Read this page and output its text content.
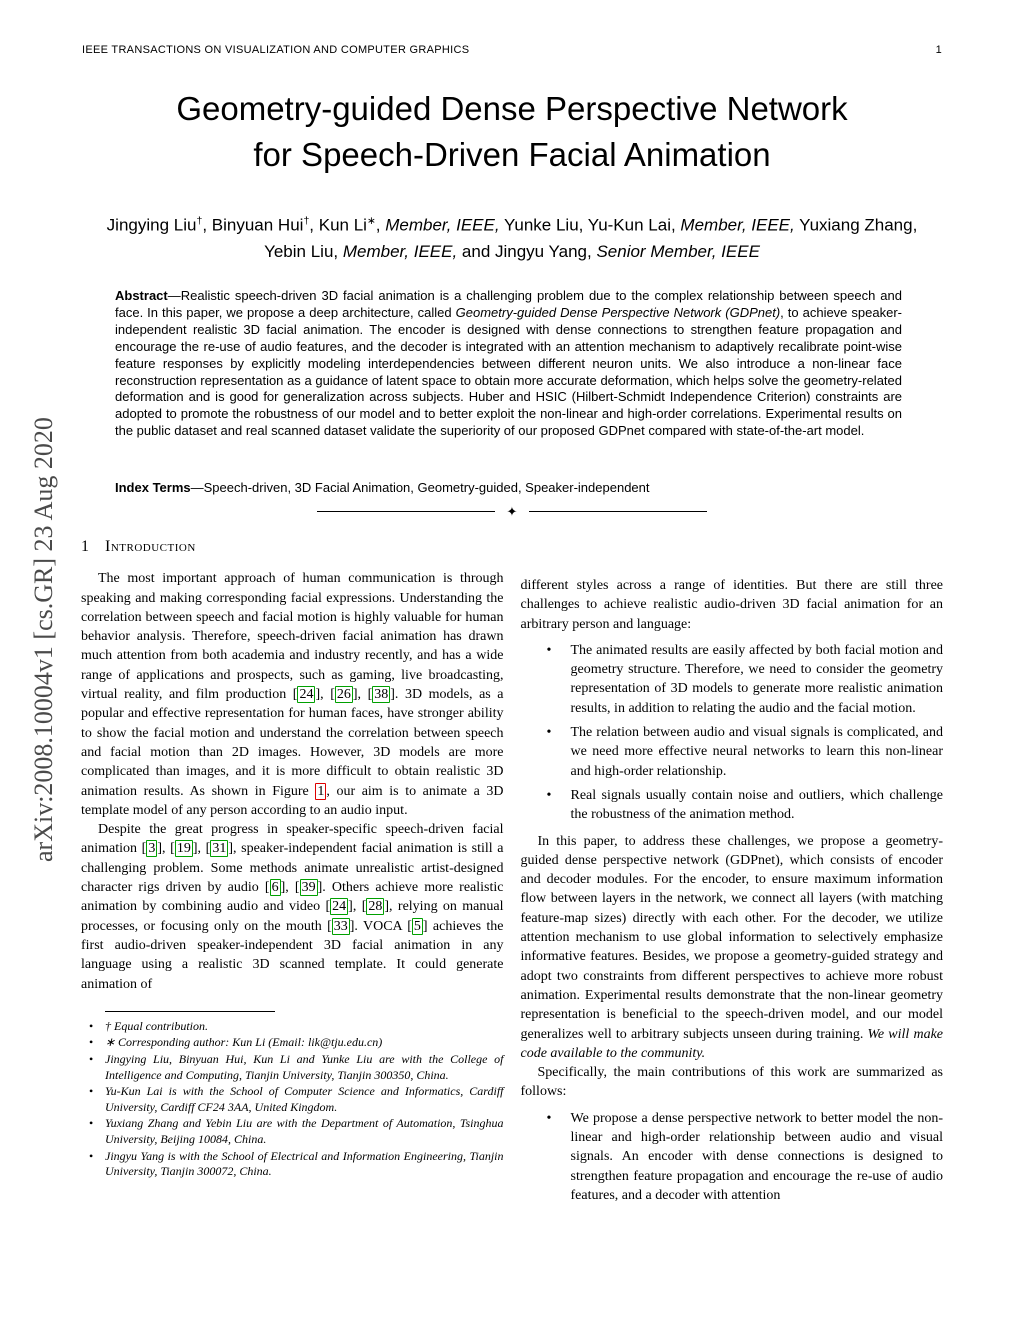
IEEE TRANSACTIONS ON VISUALIZATION AND COMPUTER GRAPHICS	1
Geometry-guided Dense Perspective Network
for Speech-Driven Facial Animation
Jingying Liu†, Binyuan Hui†, Kun Li∗, Member, IEEE, Yunke Liu, Yu-Kun Lai, Member, IEEE, Yuxiang Zhang, Yebin Liu, Member, IEEE, and Jingyu Yang, Senior Member, IEEE
Abstract—Realistic speech-driven 3D facial animation is a challenging problem due to the complex relationship between speech and face. In this paper, we propose a deep architecture, called Geometry-guided Dense Perspective Network (GDPnet), to achieve speaker-independent realistic 3D facial animation. The encoder is designed with dense connections to strengthen feature propagation and encourage the re-use of audio features, and the decoder is integrated with an attention mechanism to adaptively recalibrate point-wise feature responses by explicitly modeling interdependencies between different neuron units. We also introduce a non-linear face reconstruction representation as a guidance of latent space to obtain more accurate deformation, which helps solve the geometry-related deformation and is good for generalization across subjects. Huber and HSIC (Hilbert-Schmidt Independence Criterion) constraints are adopted to promote the robustness of our model and to better exploit the non-linear and high-order correlations. Experimental results on the public dataset and real scanned dataset validate the superiority of our proposed GDPnet compared with state-of-the-art model.
Index Terms—Speech-driven, 3D Facial Animation, Geometry-guided, Speaker-independent
✦
1 Introduction

The most important approach of human communication is through speaking and making corresponding facial expressions. Understanding the correlation between speech and facial motion is highly valuable for human behavior analysis. Therefore, speech-driven facial animation has drawn much attention from both academia and industry recently, and has a wide range of applications and prospects, such as gaming, live broadcasting, virtual reality, and film production [ 24 ], [ 26 ], [ 38 ]. 3D models, as a popular and effective representation for human faces, have stronger ability to show the facial motion and understand the correlation between speech and facial motion than 2D images. However, 3D models are more complicated than images, and it is more difficult to obtain realistic 3D animation results. As shown in Figure 1 , our aim is to animate a 3D template model of any person according to an audio input.

Despite the great progress in speaker-specific speech-driven facial animation [ 3 ], [ 19 ], [ 31 ], speaker-independent facial animation is still a challenging problem. Some methods animate unrealistic artist-designed character rigs driven by audio [ 6 ], [ 39 ]. Others achieve more realistic animation by combining audio and video [ 24 ], [ 28 ], relying on manual processes, or focusing only on the mouth [ 33 ]. VOCA [ 5 ] achieves the first audio-driven speaker-independent 3D facial animation in any language using a realistic 3D scanned template. It could generate animation of

• † Equal contribution.
• ∗ Corresponding author: Kun Li (Email: lik@tju.edu.cn)
• Jingying Liu, Binyuan Hui, Kun Li and Yunke Liu are with the College of Intelligence and Computing, Tianjin University, Tianjin 300350, China.
• Yu-Kun Lai is with the School of Computer Science and Informatics, Cardiff University, Cardiff CF24 3AA, United Kingdom.
• Yuxiang Zhang and Yebin Liu are with the Department of Automation, Tsinghua University, Beijing 10084, China.
• Jingyu Yang is with the School of Electrical and Information Engineering, Tianjin University, Tianjin 300072, China.

different styles across a range of identities. But there are still three challenges to achieve realistic audio-driven 3D facial animation for an arbitrary person and language:

• The animated results are easily affected by both facial motion and geometry structure. Therefore, we need to consider the geometry representation of 3D models to generate more realistic animation results, in addition to relating the audio and the facial motion.
• The relation between audio and visual signals is complicated, and we need more effective neural networks to learn this non-linear and high-order relationship.
• Real signals usually contain noise and outliers, which challenge the robustness of the animation method.

In this paper, to address these challenges, we propose a geometry-guided dense perspective network (GDPnet), which consists of encoder and decoder modules. For the encoder, to ensure maximum information flow between layers in the network, we connect all layers (with matching feature-map sizes) directly with each other. For the decoder, we utilize attention mechanism to use global information to selectively emphasize informative features. Besides, we propose a geometry-guided strategy and adopt two constraints from different perspectives to achieve more robust animation. Experimental results demonstrate that the non-linear geometry representation is beneficial to the speech-driven model, and our model generalizes well to arbitrary subjects unseen during training. We will make code available to the community.

Specifically, the main contributions of this work are summarized as follows:

• We propose a dense perspective network to better model the non-linear and high-order relationship between audio and visual signals. An encoder with dense connections is designed to strengthen feature propagation and encourage the re-use of audio features, and a decoder with attention
arXiv:2008.10004v1 [cs.GR] 23 Aug 2020
